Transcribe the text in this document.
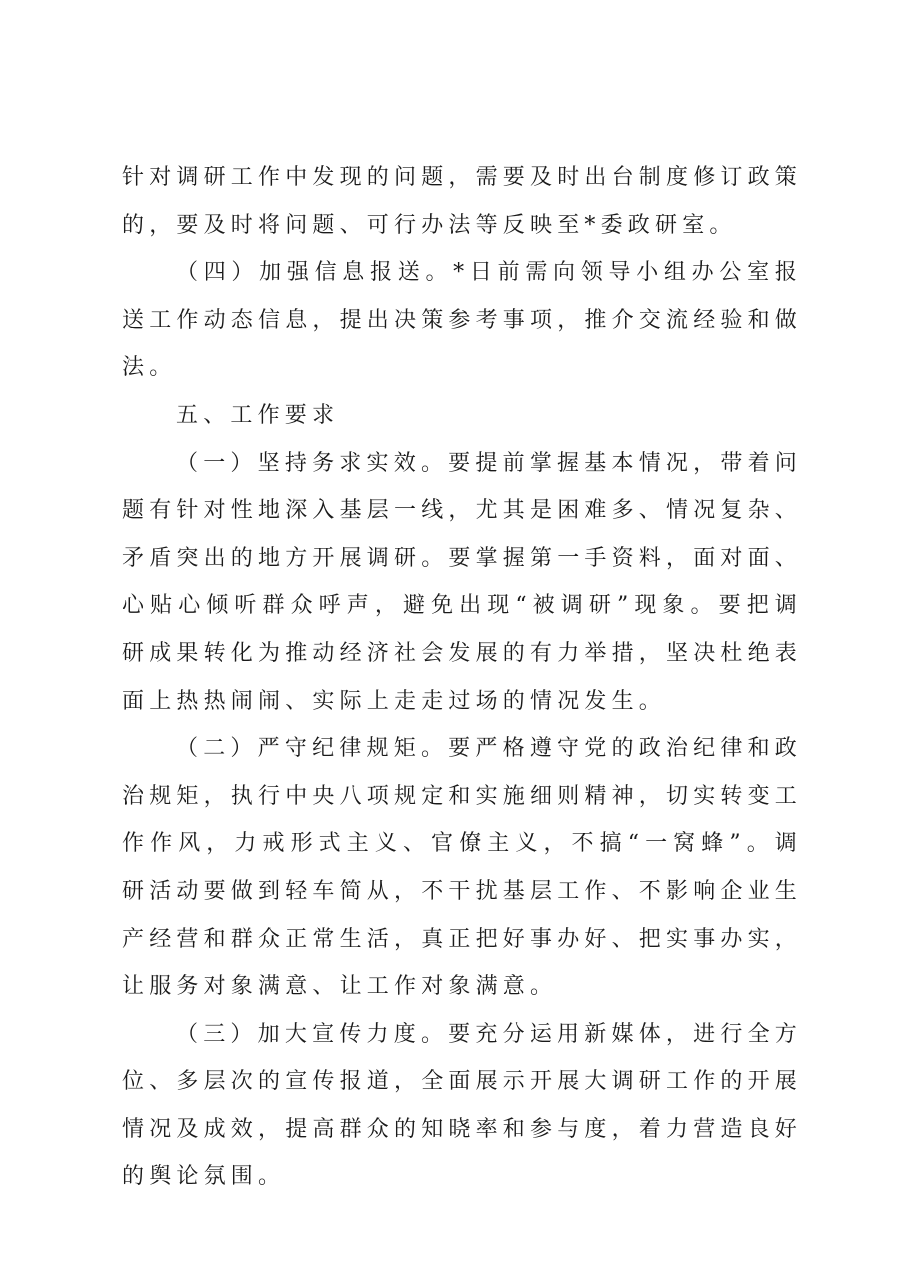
针对调研工作中发现的问题，需要及时出台制度修订政策的，要及时将问题、可行办法等反映至*委政研室。

（四）加强信息报送。*日前需向领导小组办公室报送工作动态信息，提出决策参考事项，推介交流经验和做法。

五、工作要求

（一）坚持务求实效。要提前掌握基本情况，带着问题有针对性地深入基层一线，尤其是困难多、情况复杂、矛盾突出的地方开展调研。要掌握第一手资料，面对面、心贴心倾听群众呼声，避免出现“被调研”现象。要把调研成果转化为推动经济社会发展的有力举措，坚决杜绝表面上热热闹闹、实际上走走过场的情况发生。

（二）严守纪律规矩。要严格遵守党的政治纪律和政治规矩，执行中央八项规定和实施细则精神，切实转变工作作风，力戒形式主义、官僚主义，不搞“一窝蜂”。调研活动要做到轻车简从，不干扰基层工作、不影响企业生产经营和群众正常生活，真正把好事办好、把实事办实，让服务对象满意、让工作对象满意。

（三）加大宣传力度。要充分运用新媒体，进行全方位、多层次的宣传报道，全面展示开展大调研工作的开展情况及成效，提高群众的知晓率和参与度，着力营造良好的舆论氛围。
